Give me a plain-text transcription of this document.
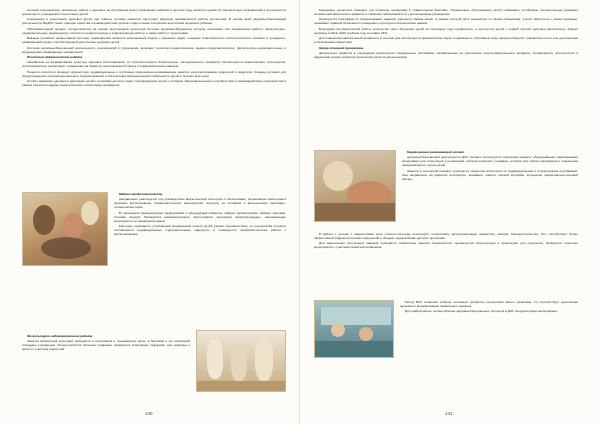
которой оздоровления, неизменно забота о здоровье на протяжении всего пребывания ребёнка в детском саду является одним из приоритетных направлений в деятельности дошкольного учреждения и воспитания детей.

Сохранение и укрепление здоровья детей, как главное условие развития, выступает ведущим направлением работы коллектива. В основе всей здоровьесберегающей деятельности МАДОУ лежит принцип единства и взаимодействия детского сада и семьи в вопросах воспитания здорового ребёнка.

Образовательный процесс осуществляется на основе выстроенной целостной системы здоровьесбережения, которая охватывает все направления работы: физкультурно-оздоровительную, медицинскую, психолого-педагогическую и коррекционную работу, а также работу с родителями.

Важным условием эффективной системы оздоровления является комплексный подход к решению задач, создание благоприятного психологического климата и предметно-развивающей среды, способствующей укреплению здоровья детей.

Система здоровьесберегающей деятельности, реализуемой в учреждении, включает психолого-педагогическое, медико-профилактическое, физкультурно-оздоровительное и коррекционно-развивающее направления.

Психолого-педагогическое работа

направлена на формирование культуры здоровья воспитанников, их психологического благополучия, эмоционального комфорта. Используются сказкотерапия, игротерапия, психогимнастика, релаксация, упражнения на развитие эмоциональной сферы и коммуникативных навыков.

Педагоги-психологи проводят диагностику, индивидуальные и групповые коррекционно-развивающие занятия, консультирование родителей и педагогов. Созданы условия для предупреждения психоэмоционального перенапряжения и обеспечения эмоциональной стабильности детей в течение всего дня.

Особое внимание уделяется адаптации детей к условиям детского сада, сопровождению детей с особыми образовательными потребностями и взаимодействию специалистов в рамках психолого-медико-педагогического консилиума учреждения.

Медико-профилактическое

направление реализуется под руководством врача высшей категории и обеспечивает организацию мониторинга здоровья воспитанников, профилактических мероприятий, контроль за питанием и выполнением санитарно-гигиенических норм.

В учреждении функционируют медицинский и процедурный кабинеты, кабинет физиотерапии, кабинет массажа, соляная пещера. Проводятся витаминотерапия, фитотерапия, ингаляции, физиопроцедуры, закаливающие мероприятия по назначению врача.

Ежегодно проводится углублённый медицинский осмотр детей узкими специалистами, по результатам которого составляются индивидуальные оздоровительные маршруты и планируется профилактическая работа с воспитанниками.

Физкультурно-оздоровительное работа

Занятия физической культурой проводятся в спортивном и тренажёрном залах, в бассейне и на спортивной площадке учреждения. Осуществляется обучение плаванию, проводятся спортивные праздники, дни здоровья и досуги с участием родителей.

140

Ежедневно дошколята проводят три открытые тренировки в плавательном бассейне. Проведенное обследование детей показывает устойчивую положительную динамику показателей физического развития и снижение заболеваемости у воспитанников учреждения.

Реализуется программа по формированию навыков здорового образа жизни, в рамках которой дети знакомятся со своим организмом, учатся заботиться о своём здоровье, осваивают правила безопасного поведения и культурно-гигиенические навыки.

Благодаря систематической работе количество часто болеющих детей за последние годы сократилось, а количество детей с первой группой здоровья увеличилось. Индекс здоровья в 2014–2015 учебном году составил 24%.

Для повышения двигательной активности в течение дня используются динамические паузы, подвижные и спортивные игры, физкультминутки, гимнастика после сна, дыхательная и пальчиковая гимнастика.

Кроме основной программы

физического развития в учреждении реализуются парциальные программы, направленные на укрепление опорно-двигательного аппарата, профилактику плоскостопия и нарушений осанки, развитие физических качеств дошкольников.

Коррекционно-развивающий аспект

здоровьесберегающей деятельности ДОУ. Активно используется сенсорная комната, оборудованная современными средствами для стимуляции и релаксации, которая позволяет создавать условия для снятия напряжения и повышения эмоционального тонуса детей.

Занятия в сенсорной комнате проводятся педагогом-психологом по индивидуальным и подгрупповым программам. Они направлены на развитие восприятия, внимания, памяти, мелкой моторики, коррекцию эмоционально-волевой сферы.

В работе с детьми с нарушениями речи учителя-логопеды используют логоритмику, артикуляционную гимнастику, массаж, биоэнергопластику. Это способствует более эффективной коррекции речевых нарушений и общему оздоровлению детского организма.

Для закрепления полученных навыков проводятся совместные занятия специалистов, организуются консультации и практикумы для родителей, проводятся открытые мероприятия с участием семей воспитанников.

Метод БОС позволяет ребёнку осознанно управлять процессами своего организма, что способствует укреплению здоровья и формированию правильного дыхания.

Для эффективного осуществления здоровьесберегающего процесса в ДОУ предусмотрена необходимая...

141
